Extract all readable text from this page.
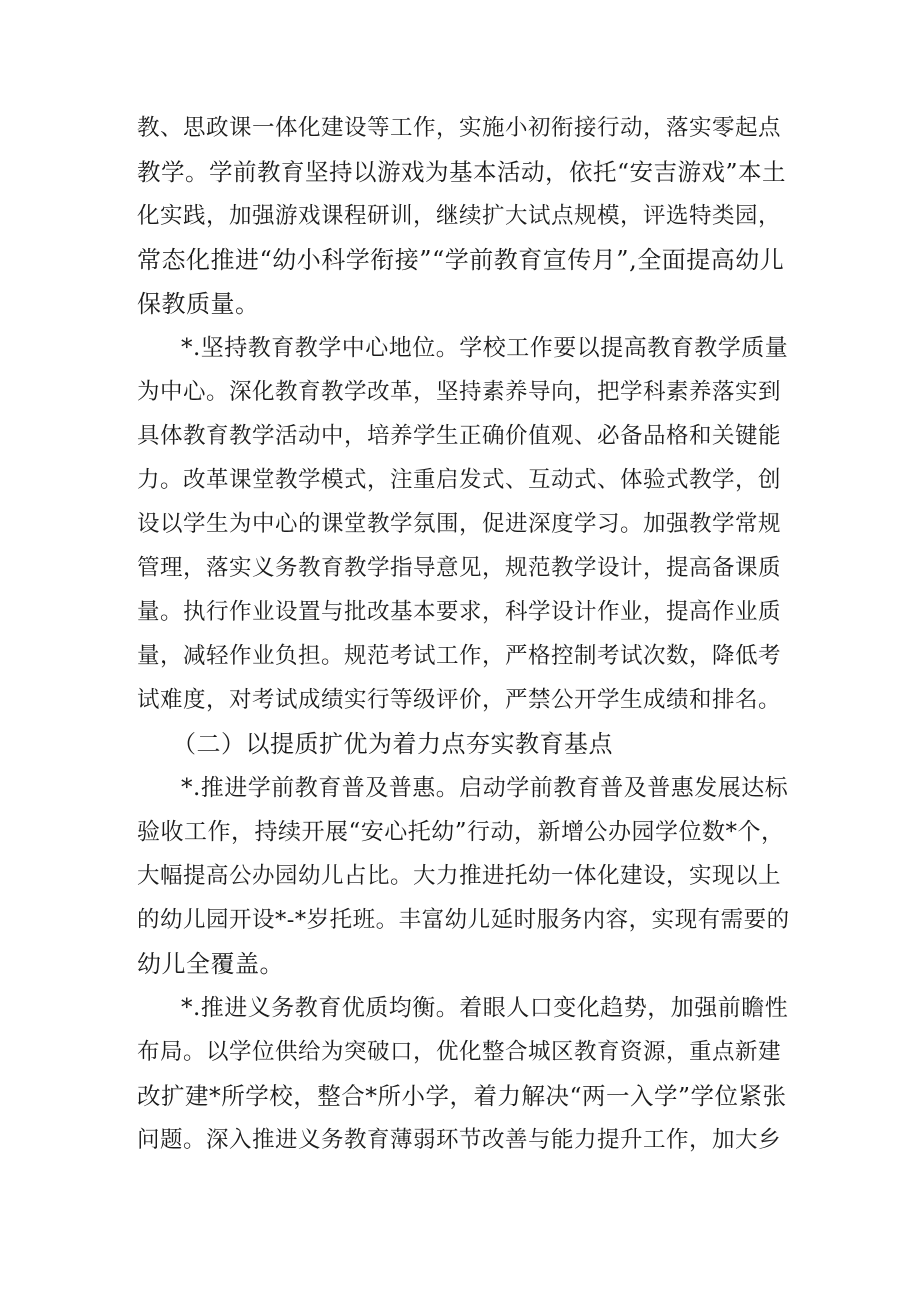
教、思政课一体化建设等工作，实施小初衔接行动，落实零起点
教学。学前教育坚持以游戏为基本活动，依托“安吉游戏”本土
化实践，加强游戏课程研训，继续扩大试点规模，评选特类园，
常态化推进“幼小科学衔接”“学前教育宣传月”,全面提高幼儿
保教质量。
*.坚持教育教学中心地位。学校工作要以提高教育教学质量
为中心。深化教育教学改革，坚持素养导向，把学科素养落实到
具体教育教学活动中，培养学生正确价值观、必备品格和关键能
力。改革课堂教学模式，注重启发式、互动式、体验式教学，创
设以学生为中心的课堂教学氛围，促进深度学习。加强教学常规
管理，落实义务教育教学指导意见，规范教学设计，提高备课质
量。执行作业设置与批改基本要求，科学设计作业，提高作业质
量，减轻作业负担。规范考试工作，严格控制考试次数，降低考
试难度，对考试成绩实行等级评价，严禁公开学生成绩和排名。
（二）以提质扩优为着力点夯实教育基点
*.推进学前教育普及普惠。启动学前教育普及普惠发展达标
验收工作，持续开展“安心托幼”行动，新增公办园学位数*个，
大幅提高公办园幼儿占比。大力推进托幼一体化建设，实现以上
的幼儿园开设*-*岁托班。丰富幼儿延时服务内容，实现有需要的
幼儿全覆盖。
*.推进义务教育优质均衡。着眼人口变化趋势，加强前瞻性
布局。以学位供给为突破口，优化整合城区教育资源，重点新建
改扩建*所学校，整合*所小学，着力解决“两一入学”学位紧张
问题。深入推进义务教育薄弱环节改善与能力提升工作，加大乡
